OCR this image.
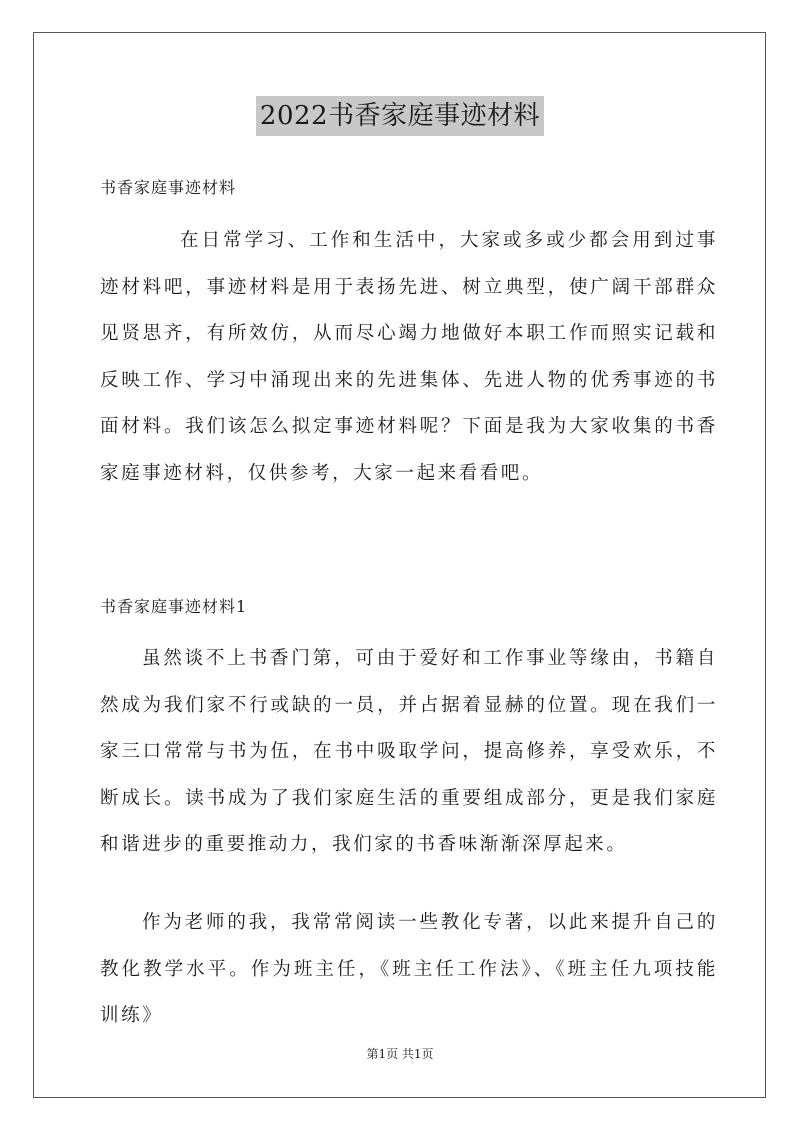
2022书香家庭事迹材料
书香家庭事迹材料

在日常学习、工作和生活中，大家或多或少都会用到过事迹材料吧，事迹材料是用于表扬先进、树立典型，使广阔干部群众见贤思齐，有所效仿，从而尽心竭力地做好本职工作而照实记载和反映工作、学习中涌现出来的先进集体、先进人物的优秀事迹的书面材料。我们该怎么拟定事迹材料呢？下面是我为大家收集的书香家庭事迹材料，仅供参考，大家一起来看看吧。

书香家庭事迹材料1

虽然谈不上书香门第，可由于爱好和工作事业等缘由，书籍自然成为我们家不行或缺的一员，并占据着显赫的位置。现在我们一家三口常常与书为伍，在书中吸取学问，提高修养，享受欢乐，不断成长。读书成为了我们家庭生活的重要组成部分，更是我们家庭和谐进步的重要推动力，我们家的书香味渐渐深厚起来。

作为老师的我，我常常阅读一些教化专著，以此来提升自己的教化教学水平。作为班主任，《班主任工作法》、《班主任九项技能训练》

第1页 共1页
